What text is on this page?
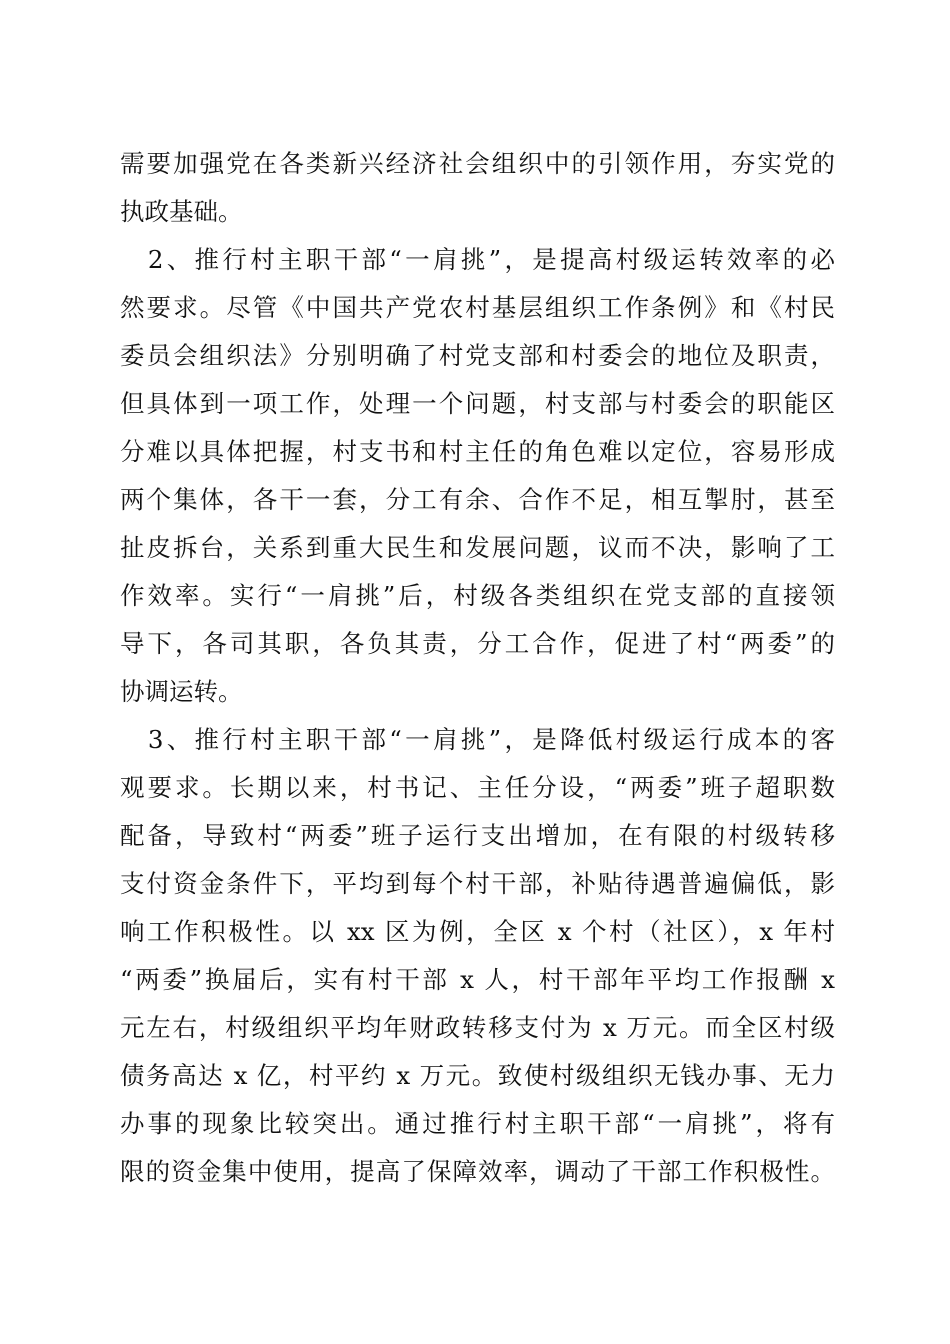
需要加强党在各类新兴经济社会组织中的引领作用，夯实党的
执政基础。
　2、推行村主职干部“一肩挑”，是提高村级运转效率的必
然要求。尽管《中国共产党农村基层组织工作条例》和《村民
委员会组织法》分别明确了村党支部和村委会的地位及职责，
但具体到一项工作，处理一个问题，村支部与村委会的职能区
分难以具体把握，村支书和村主任的角色难以定位，容易形成
两个集体，各干一套，分工有余、合作不足，相互掣肘，甚至
扯皮拆台，关系到重大民生和发展问题，议而不决，影响了工
作效率。实行“一肩挑”后，村级各类组织在党支部的直接领
导下，各司其职，各负其责，分工合作，促进了村“两委”的
协调运转。
　3、推行村主职干部“一肩挑”，是降低村级运行成本的客
观要求。长期以来，村书记、主任分设，“两委”班子超职数
配备，导致村“两委”班子运行支出增加，在有限的村级转移
支付资金条件下，平均到每个村干部，补贴待遇普遍偏低，影
响工作积极性。以 xx 区为例，全区 x 个村（社区），x 年村
“两委”换届后，实有村干部 x 人，村干部年平均工作报酬 x
元左右，村级组织平均年财政转移支付为 x 万元。而全区村级
债务高达 x 亿，村平约 x 万元。致使村级组织无钱办事、无力
办事的现象比较突出。通过推行村主职干部“一肩挑”，将有
限的资金集中使用，提高了保障效率，调动了干部工作积极性。
